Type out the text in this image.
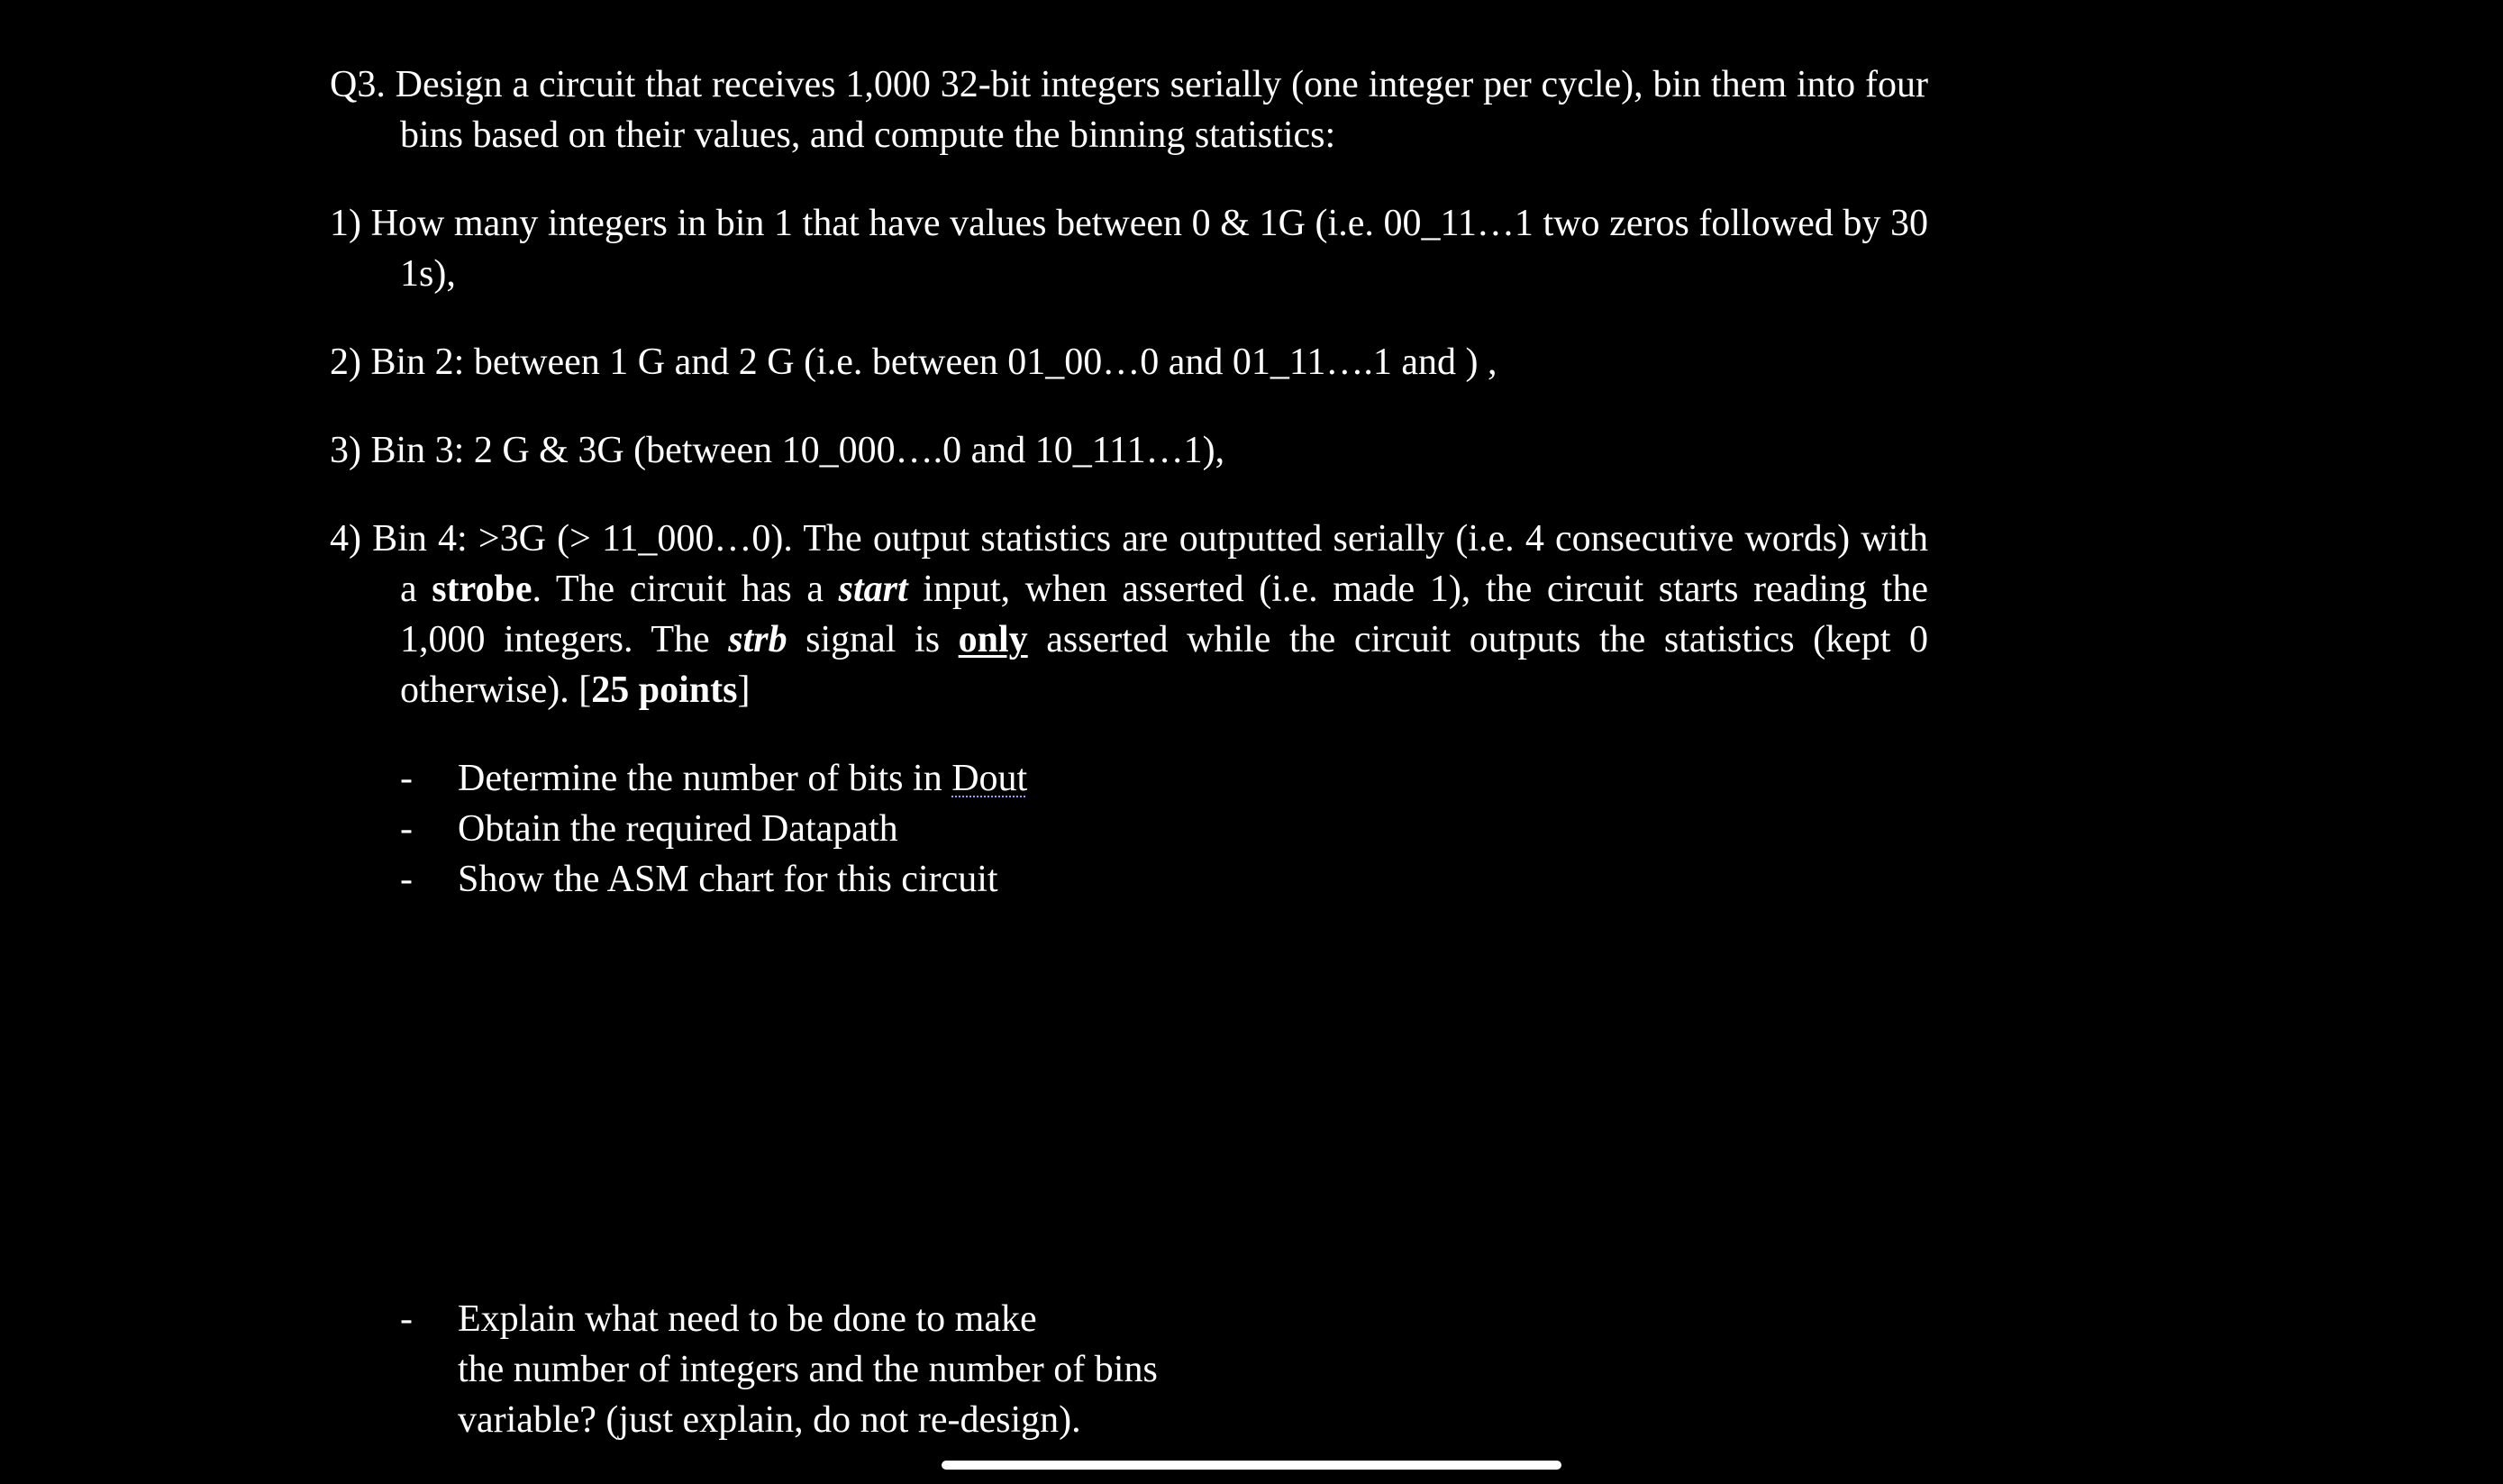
Q3. Design a circuit that receives 1,000 32-bit integers serially (one integer per cycle), bin them into four bins based on their values, and compute the binning statistics:

1) How many integers in bin 1 that have values between 0 & 1G (i.e. 00_11…1 two zeros followed by 30 1s),

2) Bin 2: between 1 G and 2 G (i.e. between 01_00…0 and 01_11….1 and ) ,

3) Bin 3: 2 G & 3G (between 10_000….0 and 10_111…1),

4) Bin 4: >3G (> 11_000…0). The output statistics are outputted serially (i.e. 4 consecutive words) with a strobe. The circuit has a start input, when asserted (i.e. made 1), the circuit starts reading the 1,000 integers. The strb signal is only asserted while the circuit outputs the statistics (kept 0 otherwise). [25 points]

- Determine the number of bits in Dout
- Obtain the required Datapath
- Show the ASM chart for this circuit
- Explain what need to be done to make
the number of integers and the number of bins
variable? (just explain, do not re-design).
